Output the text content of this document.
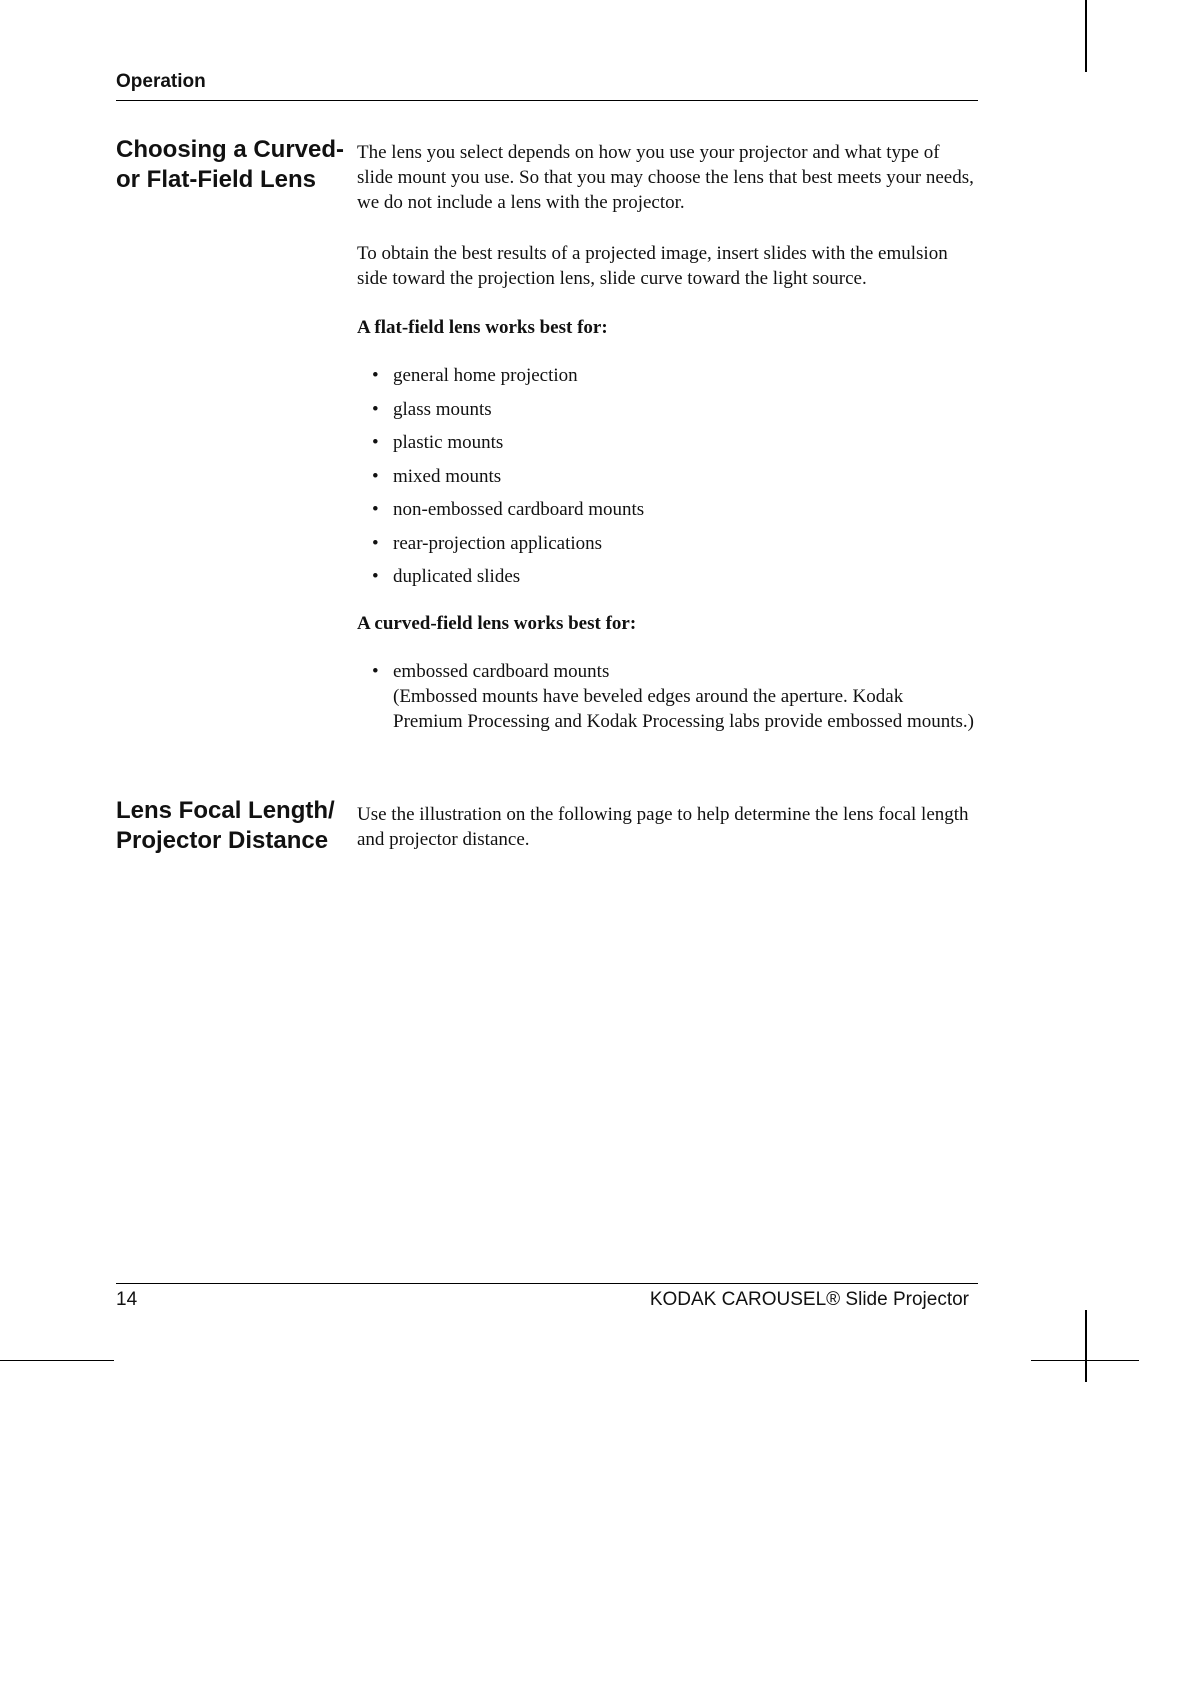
Operation
Choosing a Curved-
or Flat-Field Lens

The lens you select depends on how you use your projector and what type of slide mount you use. So that you may choose the lens that best meets your needs, we do not include a lens with the projector.

To obtain the best results of a projected image, insert slides with the emulsion side toward the projection lens, slide curve toward the light source.

A flat-field lens works best for:

• general home projection
• glass mounts
• plastic mounts
• mixed mounts
• non-embossed cardboard mounts
• rear-projection applications
• duplicated slides

A curved-field lens works best for:

• embossed cardboard mounts
(Embossed mounts have beveled edges around the aperture. Kodak Premium Processing and Kodak Processing labs provide embossed mounts.)
Lens Focal Length/
Projector Distance

Use the illustration on the following page to help determine the lens focal length and projector distance.

14	KODAK CAROUSEL® Slide Projector
